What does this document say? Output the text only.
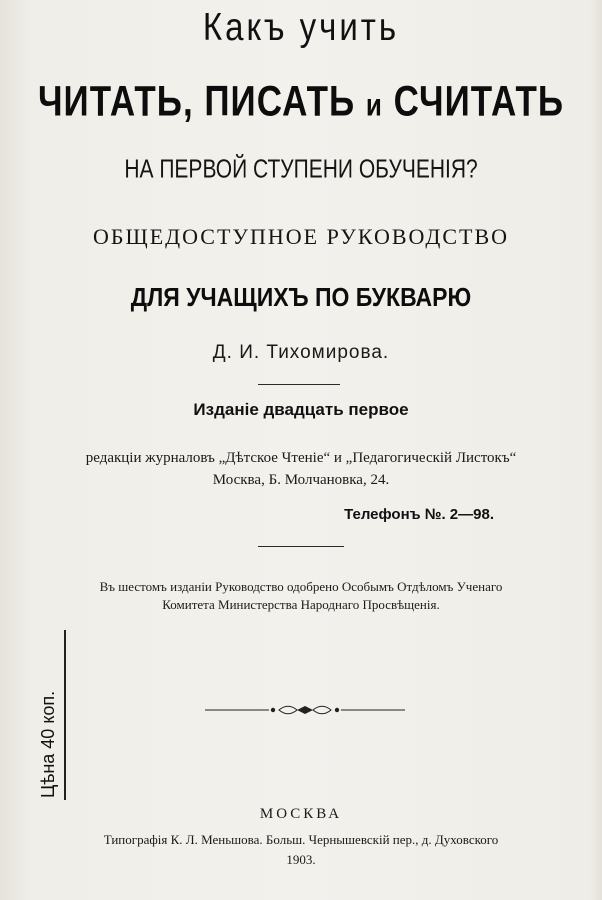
Какъ учить
ЧИТАТЬ, ПИСАТЬ и СЧИТАТЬ
НА ПЕРВОЙ СТУПЕНИ ОБУЧЕНІЯ?
ОБЩЕДОСТУПНОЕ РУКОВОДСТВО
ДЛЯ УЧАЩИХЪ ПО БУКВАРЮ
Д. И. Тихомирова.
Изданіе двадцать первое
редакціи журналовъ „Дѣтское Чтеніе“ и „Педагогическій Листокъ“
Москва, Б. Молчановка, 24.
Телефонъ №. 2—98.
Въ шестомъ изданіи Руководство одобрено Особымъ Отдѣломъ Ученаго
Комитета Министерства Народнаго Просвѣщенія.
Цѣна 40 коп.
МОСКВА
Типографія К. Л. Меньшова. Больш. Чернышевскій пер., д. Духовского
1903.
